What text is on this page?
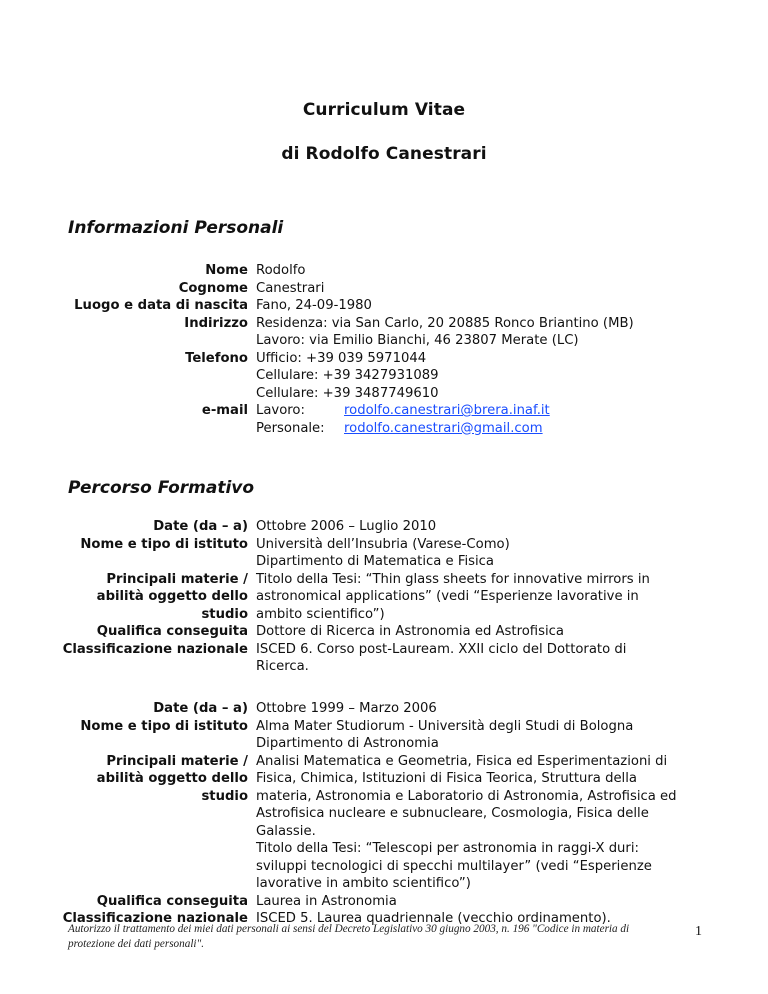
Curriculum Vitae
di Rodolfo Canestrari
Informazioni Personali
Nome Rodolfo
Cognome Canestrari
Luogo e data di nascita Fano, 24-09-1980
Indirizzo Residenza: via San Carlo, 20 20885 Ronco Briantino (MB)
Lavoro: via Emilio Bianchi, 46 23807 Merate (LC)
Telefono Ufficio: +39 039 5971044
Cellulare: +39 3427931089
Cellulare: +39 3487749610
e-mail Lavoro:	rodolfo.canestrari@brera.inaf.it
Personale:	rodolfo.canestrari@gmail.com
Percorso Formativo
Date (da – a) Ottobre 2006 – Luglio 2010
Nome e tipo di istituto Università dell’Insubria (Varese-Como)
Dipartimento di Matematica e Fisica
Principali materie /
abilità oggetto dello
studio
Titolo della Tesi: “Thin glass sheets for innovative mirrors in
astronomical applications” (vedi “Esperienze lavorative in
ambito scientifico”)
Qualifica conseguita Dottore di Ricerca in Astronomia ed Astrofisica
Classificazione nazionale ISCED 6. Corso post-Lauream. XXII ciclo del Dottorato di
Ricerca.
Date (da – a) Ottobre 1999 – Marzo 2006
Nome e tipo di istituto Alma Mater Studiorum - Università degli Studi di Bologna
Dipartimento di Astronomia
Principali materie /
abilità oggetto dello
studio
Analisi Matematica e Geometria, Fisica ed Esperimentazioni di
Fisica, Chimica, Istituzioni di Fisica Teorica, Struttura della
materia, Astronomia e Laboratorio di Astronomia, Astrofisica ed
Astrofisica nucleare e subnucleare, Cosmologia, Fisica delle
Galassie.
Titolo della Tesi: “Telescopi per astronomia in raggi-X duri:
sviluppi tecnologici di specchi multilayer” (vedi “Esperienze
lavorative in ambito scientifico”)
Qualifica conseguita Laurea in Astronomia
Classificazione nazionale ISCED 5. Laurea quadriennale (vecchio ordinamento).
Autorizzo il trattamento dei miei dati personali ai sensi del Decreto Legislativo 30 giugno 2003, n. 196 "Codice in materia di protezione dei dati personali".
1
